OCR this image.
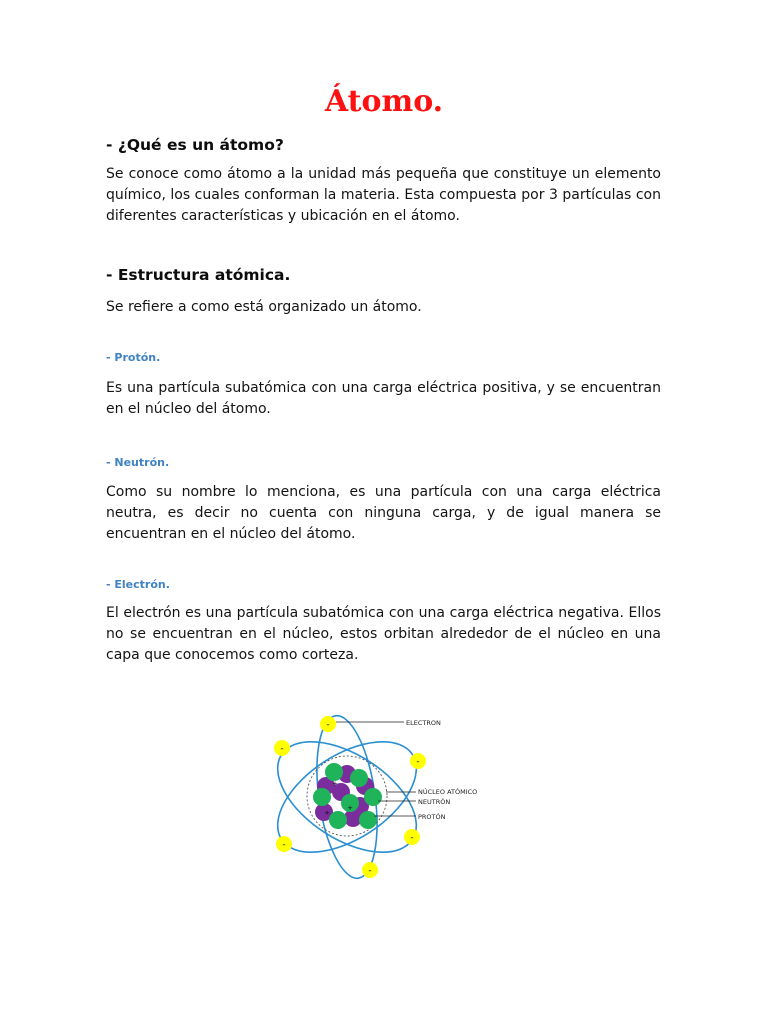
Átomo.
- ¿Qué es un átomo?
Se conoce como átomo a la unidad más pequeña que constituye un elemento químico, los cuales conforman la materia. Esta compuesta por 3 partículas con diferentes características y ubicación en el átomo.
- Estructura atómica.
Se refiere a como está organizado un átomo.
- Protón.
Es una partícula subatómica con una carga eléctrica positiva, y se encuentran en el núcleo del átomo.
- Neutrón.
Como su nombre lo menciona, es una partícula con una carga eléctrica neutra, es decir no cuenta con ninguna carga, y de igual manera se encuentran en el núcleo del átomo.
- Electrón.
El electrón es una partícula subatómica con una carga eléctrica negativa. Ellos no se encuentran en el núcleo, estos orbitan alrededor de el núcleo en una capa que conocemos como corteza.
+
+
+
-
-
-
-
-
-
ELECTRON
NÚCLEO ATÓMICO
NEUTRÓN
PROTÓN
